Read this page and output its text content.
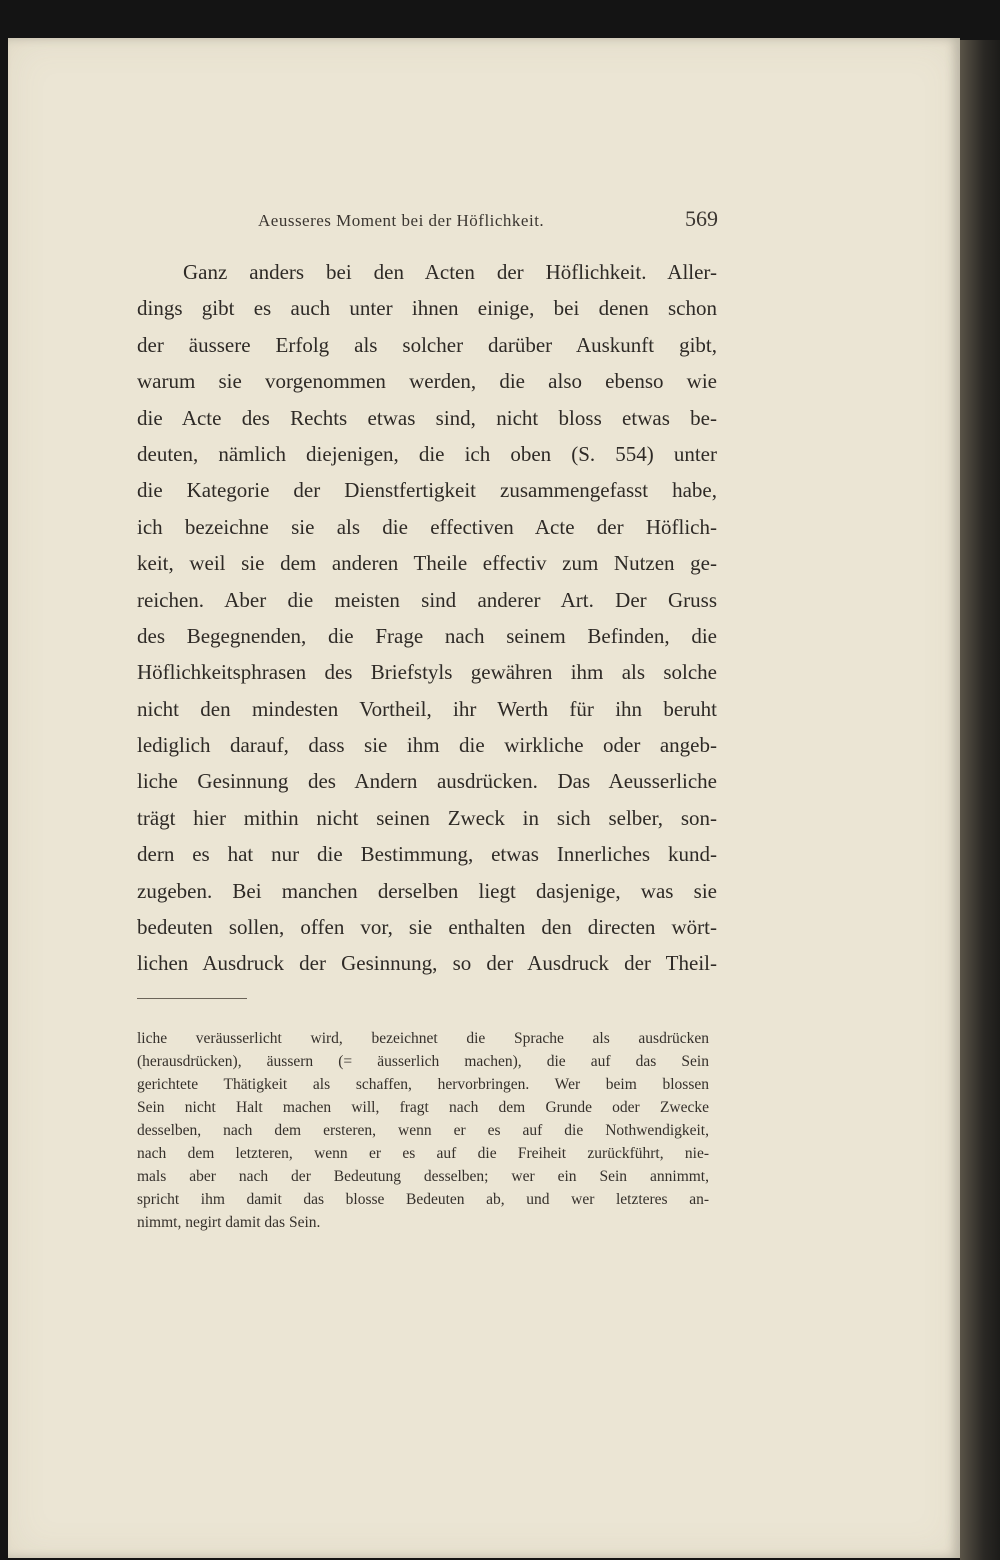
Aeusseres Moment bei der Höflichkeit.	569
Ganz anders bei den Acten der Höflichkeit. Aller-
dings gibt es auch unter ihnen einige, bei denen schon
der äussere Erfolg als solcher darüber Auskunft gibt,
warum sie vorgenommen werden, die also ebenso wie
die Acte des Rechts etwas sind, nicht bloss etwas be-
deuten, nämlich diejenigen, die ich oben (S. 554) unter
die Kategorie der Dienstfertigkeit zusammengefasst habe,
ich bezeichne sie als die effectiven Acte der Höflich-
keit, weil sie dem anderen Theile effectiv zum Nutzen ge-
reichen. Aber die meisten sind anderer Art. Der Gruss
des Begegnenden, die Frage nach seinem Befinden, die
Höflichkeitsphrasen des Briefstyls gewähren ihm als solche
nicht den mindesten Vortheil, ihr Werth für ihn beruht
lediglich darauf, dass sie ihm die wirkliche oder angeb-
liche Gesinnung des Andern ausdrücken. Das Aeusserliche
trägt hier mithin nicht seinen Zweck in sich selber, son-
dern es hat nur die Bestimmung, etwas Innerliches kund-
zugeben. Bei manchen derselben liegt dasjenige, was sie
bedeuten sollen, offen vor, sie enthalten den directen wört-
lichen Ausdruck der Gesinnung, so der Ausdruck der Theil-
liche veräusserlicht wird, bezeichnet die Sprache als ausdrücken
(herausdrücken), äussern (= äusserlich machen), die auf das Sein
gerichtete Thätigkeit als schaffen, hervorbringen. Wer beim blossen
Sein nicht Halt machen will, fragt nach dem Grunde oder Zwecke
desselben, nach dem ersteren, wenn er es auf die Nothwendigkeit,
nach dem letzteren, wenn er es auf die Freiheit zurückführt, nie-
mals aber nach der Bedeutung desselben; wer ein Sein annimmt,
spricht ihm damit das blosse Bedeuten ab, und wer letzteres an-
nimmt, negirt damit das Sein.
